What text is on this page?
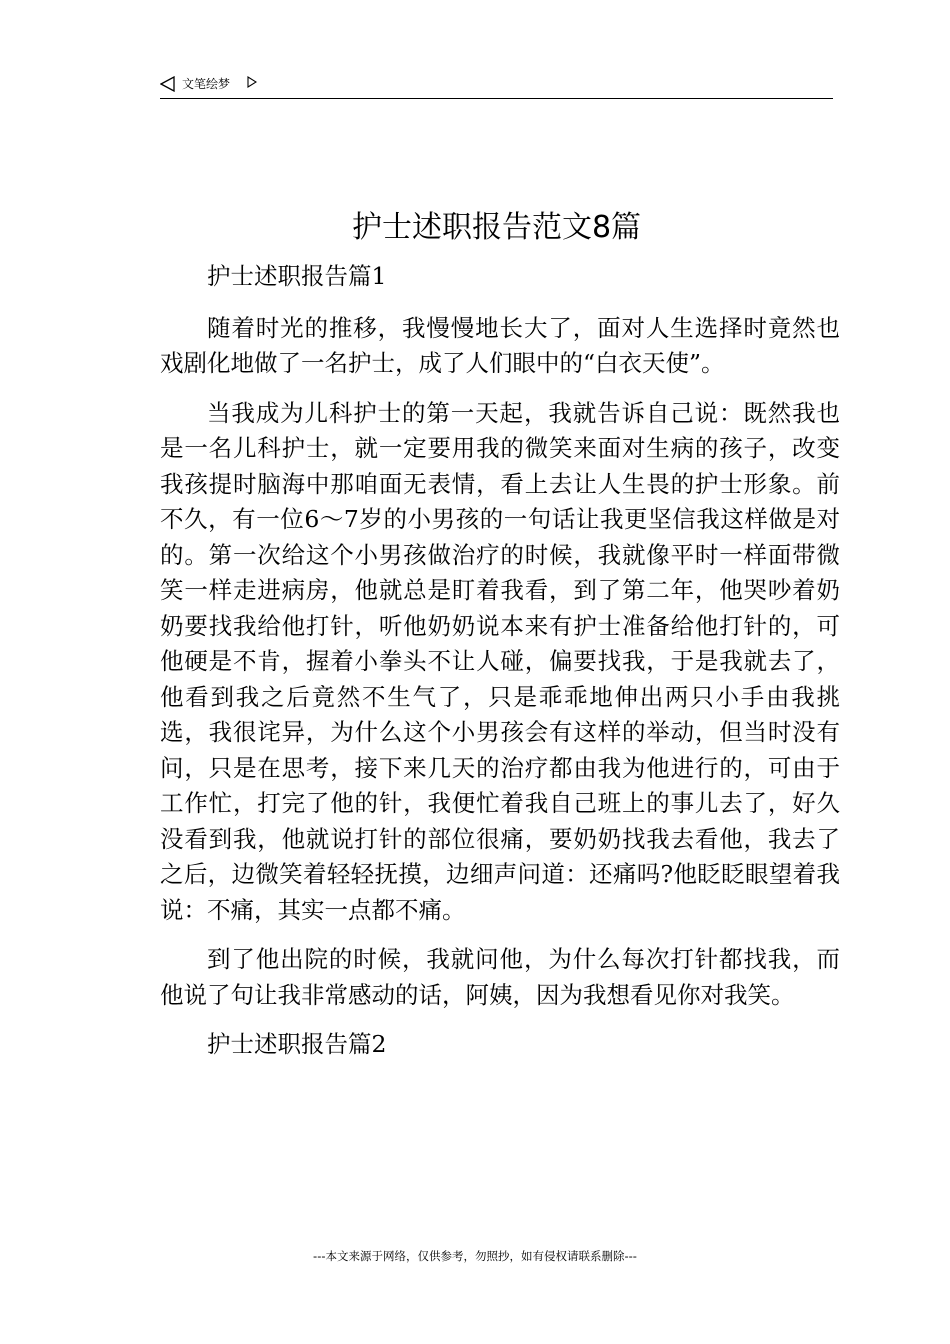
文笔绘梦
护士述职报告范文8篇

护士述职报告篇1

随着时光的推移，我慢慢地长大了，面对人生选择时竟然也戏剧化地做了一名护士，成了人们眼中的“白衣天使”。

当我成为儿科护士的第一天起，我就告诉自己说：既然我也是一名儿科护士，就一定要用我的微笑来面对生病的孩子，改变我孩提时脑海中那咱面无表情，看上去让人生畏的护士形象。前不久，有一位6～7岁的小男孩的一句话让我更坚信我这样做是对的。第一次给这个小男孩做治疗的时候，我就像平时一样面带微笑一样走进病房，他就总是盯着我看，到了第二年，他哭吵着奶奶要找我给他打针，听他奶奶说本来有护士准备给他打针的，可他硬是不肯，握着小拳头不让人碰，偏要找我，于是我就去了，他看到我之后竟然不生气了，只是乖乖地伸出两只小手由我挑选，我很诧异，为什么这个小男孩会有这样的举动，但当时没有问，只是在思考，接下来几天的治疗都由我为他进行的，可由于工作忙，打完了他的针，我便忙着我自己班上的事儿去了，好久没看到我，他就说打针的部位很痛，要奶奶找我去看他，我去了之后，边微笑着轻轻抚摸，边细声问道：还痛吗?他眨眨眼望着我说：不痛，其实一点都不痛。

到了他出院的时候，我就问他，为什么每次打针都找我，而他说了句让我非常感动的话，阿姨，因为我想看见你对我笑。

护士述职报告篇2

---本文来源于网络，仅供参考，勿照抄，如有侵权请联系删除---
